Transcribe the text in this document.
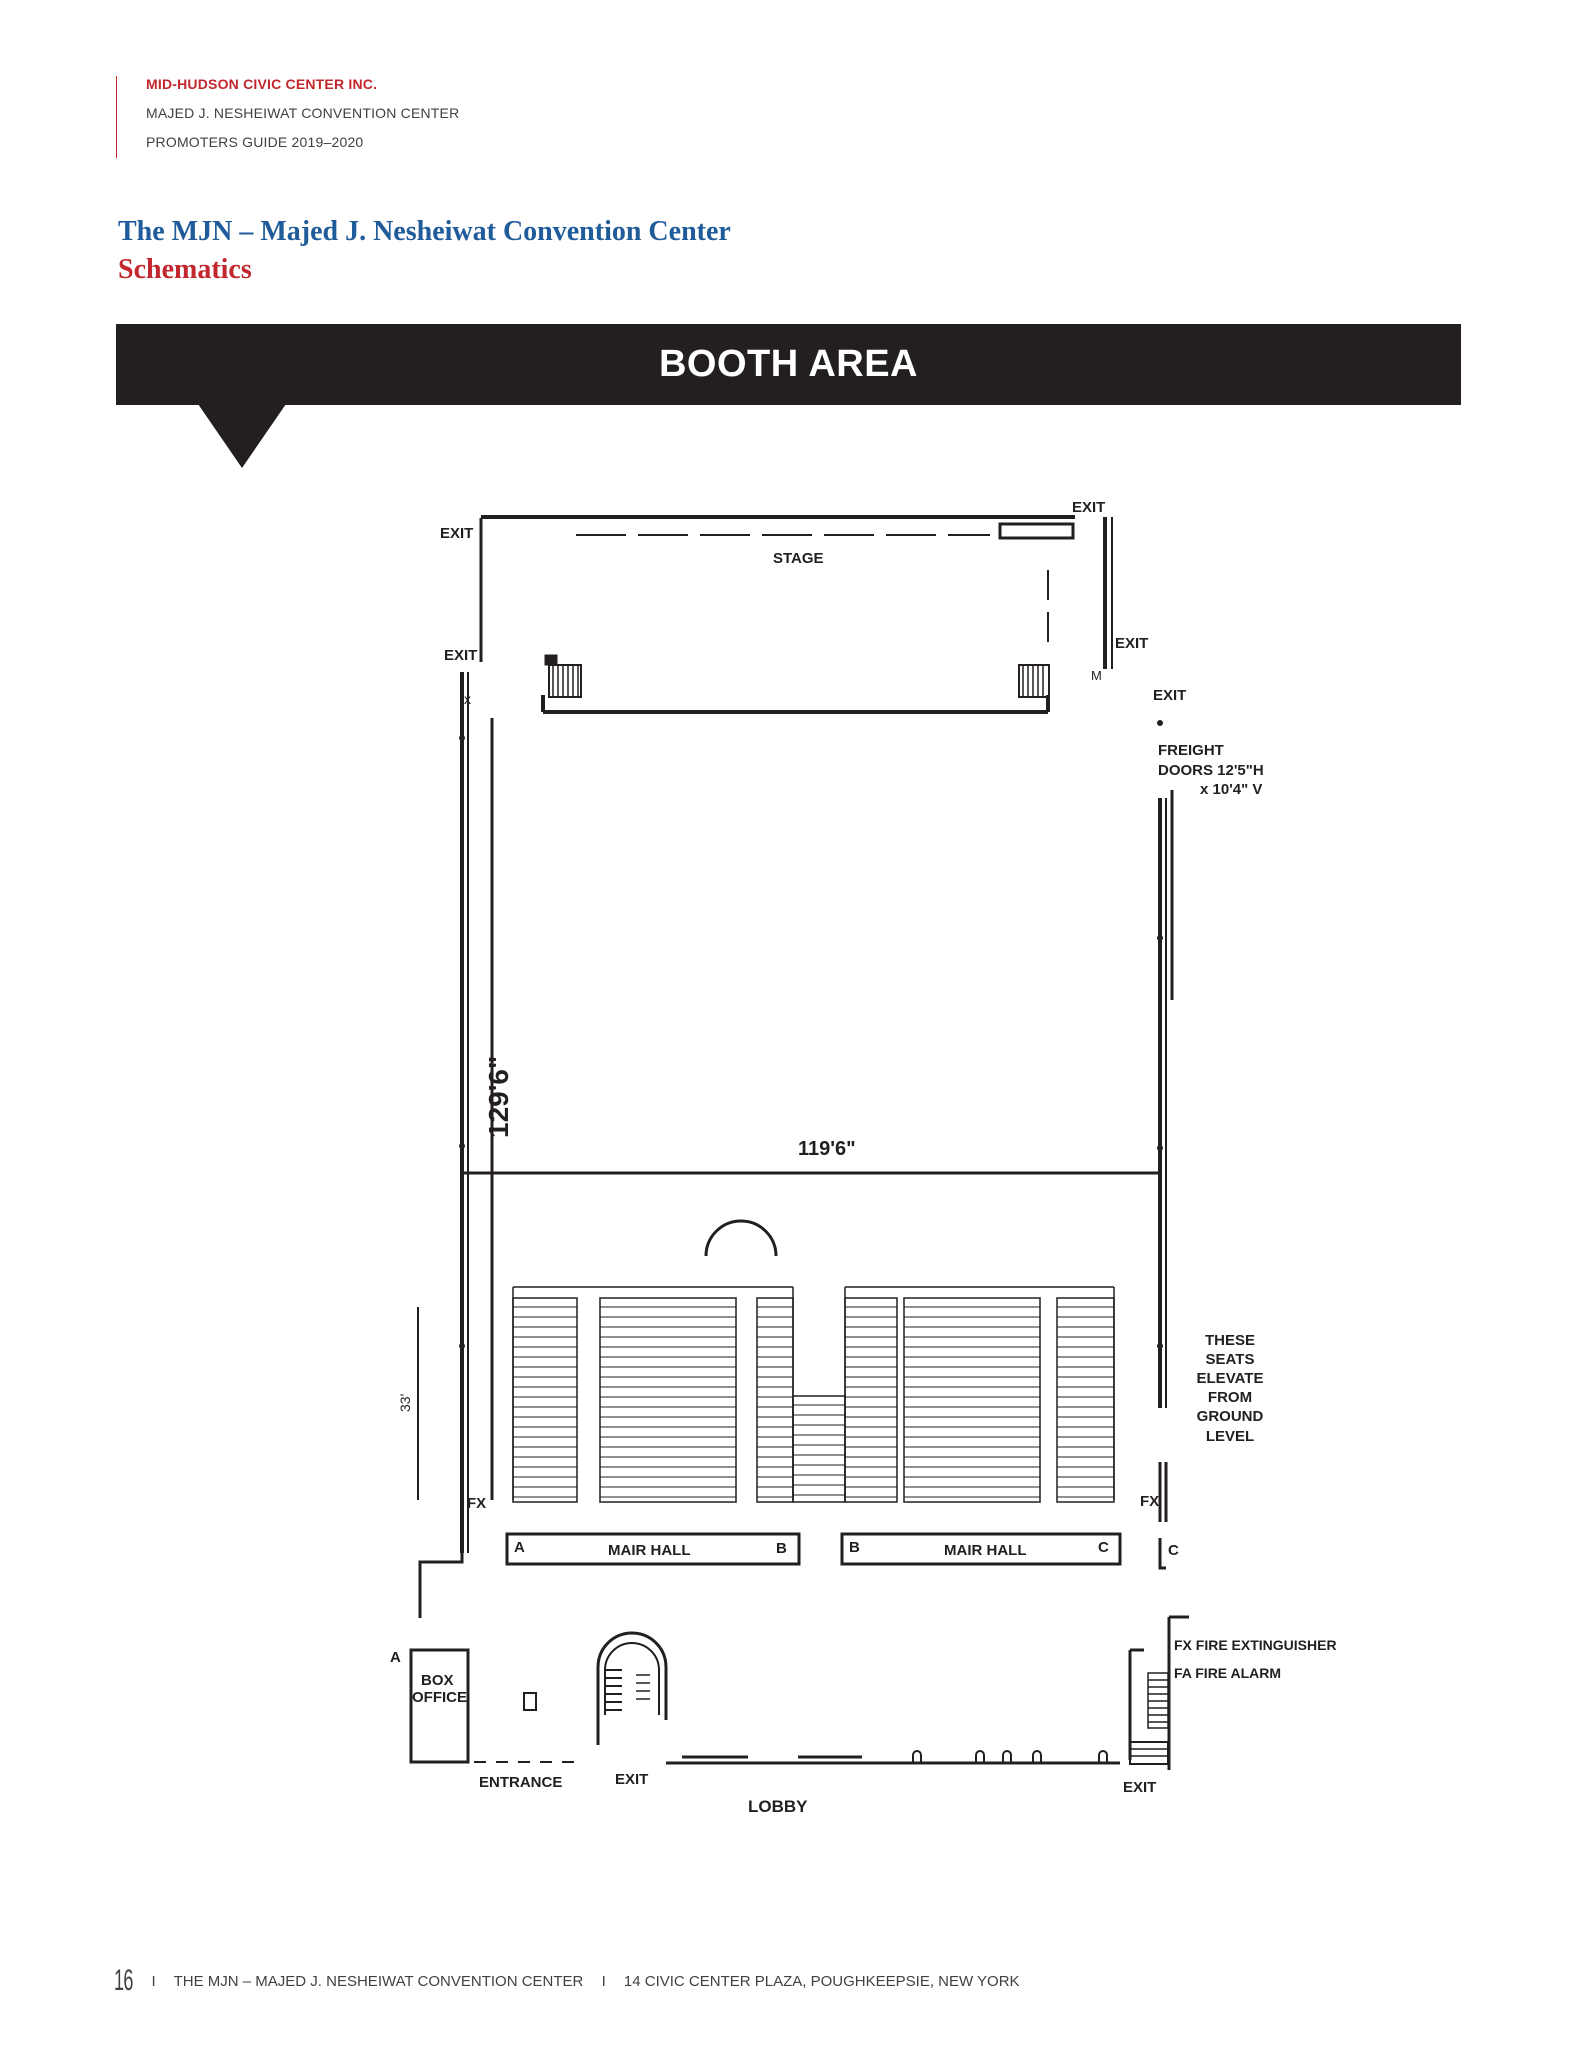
MID-HUDSON CIVIC CENTER INC.
MAJED J. NESHEIWAT CONVENTION CENTER
PROMOTERS GUIDE 2019–2020
The MJN – Majed J. Nesheiwat Convention Center
Schematics
BOOTH AREA
EXIT
EXIT
EXIT
EXIT
EXIT
STAGE
FREIGHT
DOORS 12'5"H
x 10'4" V
FX	FX
MAIR HALL	MAIR HALL
A	B	B	C	C
A
BOX
OFFICE
ENTRANCE	EXIT
LOBBY
EXIT
FX FIRE EXTINGUISHER
FA FIRE ALARM
M
x
119'6"
129'6"
33'
THESE
SEATS
ELEVATE
FROM
GROUND
LEVEL
16 I THE MJN – MAJED J. NESHEIWAT CONVENTION CENTER I 14 CIVIC CENTER PLAZA, POUGHKEEPSIE, NEW YORK
